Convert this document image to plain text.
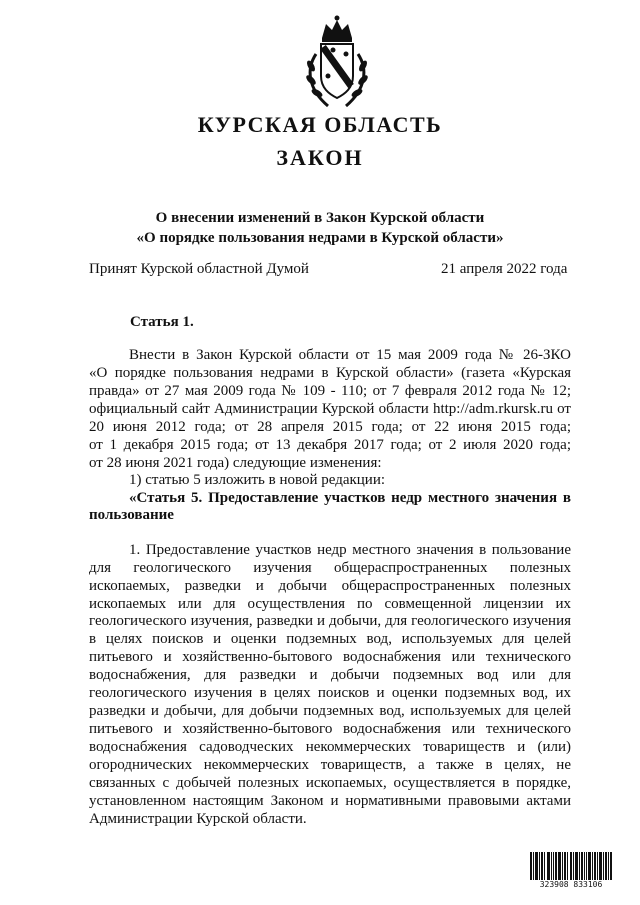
КУРСКАЯ ОБЛАСТЬ
ЗАКОН
О внесении изменений в Закон Курской области
«О порядке пользования недрами в Курской области»
Принят Курской областной Думой	21 апреля 2022 года
Статья 1.
Внести в Закон Курской области от 15 мая 2009 года № 26-ЗКО
«О порядке пользования недрами в Курской области» (газета «Курская
правда» от 27 мая 2009 года № 109 - 110; от 7 февраля 2012 года № 12;
официальный сайт Администрации Курской области http://adm.rkursk.ru от
20 июня 2012 года; от 28 апреля 2015 года; от 22 июня 2015 года;
от 1 декабря 2015 года; от 13 декабря 2017 года; от 2 июля 2020 года;
от 28 июня 2021 года) следующие изменения:
1) статью 5 изложить в новой редакции:
«Статья 5. Предоставление участков недр местного значения в
пользование
1. Предоставление участков недр местного значения в пользование
для геологического изучения общераспространенных полезных
ископаемых, разведки и добычи общераспространенных полезных
ископаемых или для осуществления по совмещенной лицензии их
геологического изучения, разведки и добычи, для геологического изучения
в целях поисков и оценки подземных вод, используемых для целей
питьевого и хозяйственно-бытового водоснабжения или технического
водоснабжения, для разведки и добычи подземных вод или для
геологического изучения в целях поисков и оценки подземных вод, их
разведки и добычи, для добычи подземных вод, используемых для целей
питьевого и хозяйственно-бытового водоснабжения или технического
водоснабжения садоводческих некоммерческих товариществ и (или)
огороднических некоммерческих товариществ, а также в целях, не
связанных с добычей полезных ископаемых, осуществляется в порядке,
установленном настоящим Законом и нормативными правовыми актами
Администрации Курской области.
323908 833106
